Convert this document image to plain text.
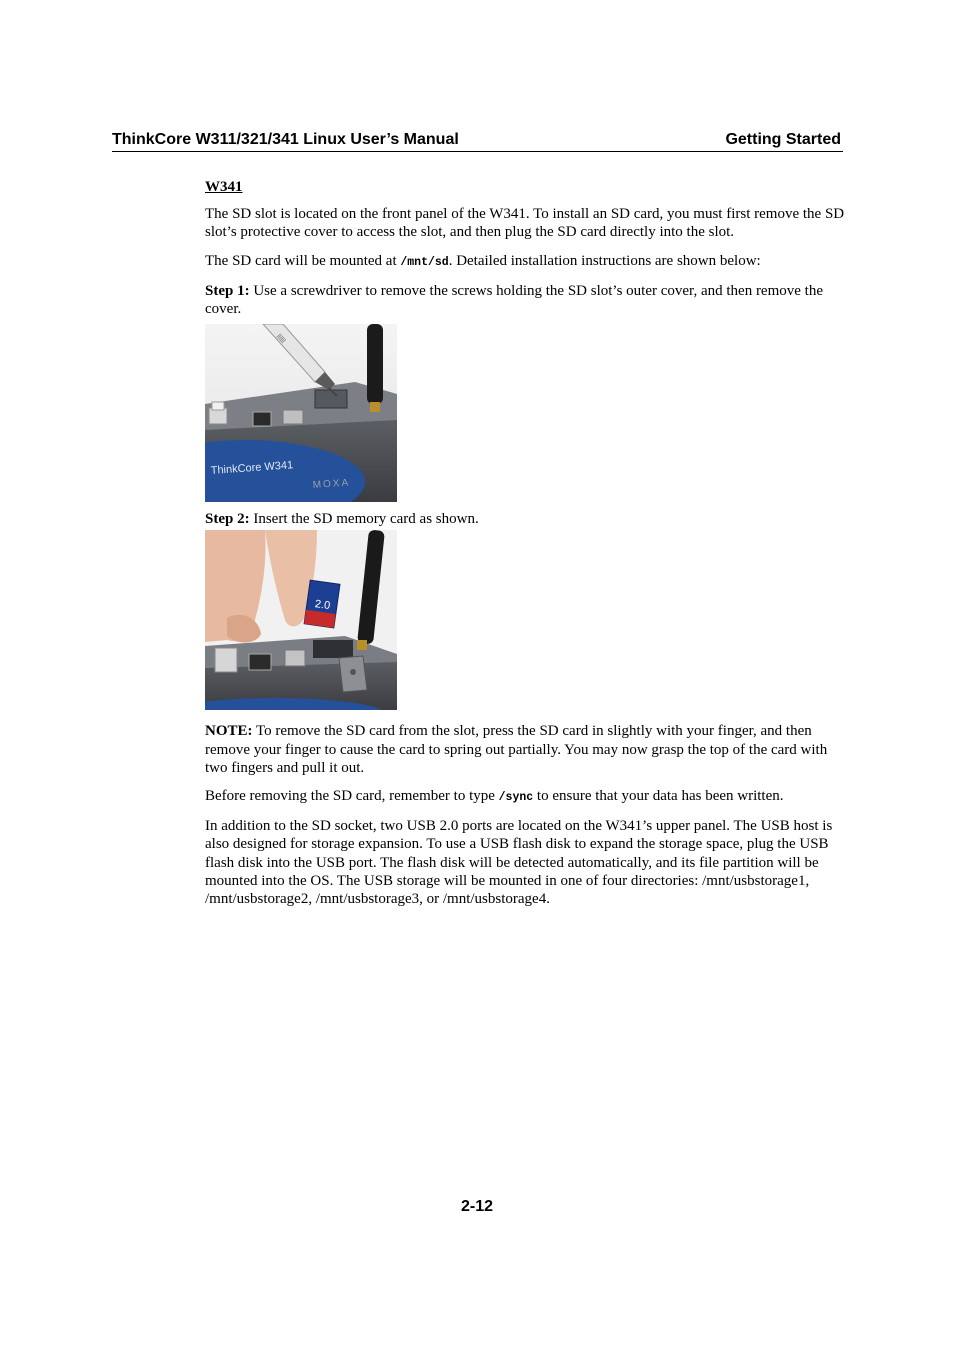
ThinkCore W311/321/341 Linux User’s Manual	Getting Started
W341

The SD slot is located on the front panel of the W341. To install an SD card, you must first remove the SD slot’s protective cover to access the slot, and then plug the SD card directly into the slot.

The SD card will be mounted at /mnt/sd. Detailed installation instructions are shown below:

Step 1: Use a screwdriver to remove the screws holding the SD slot’s outer cover, and then remove the cover.

ThinkCore W341
MOXA
||||||

Step 2: Insert the SD memory card as shown.

2.0

NOTE: To remove the SD card from the slot, press the SD card in slightly with your finger, and then remove your finger to cause the card to spring out partially. You may now grasp the top of the card with two fingers and pull it out.

Before removing the SD card, remember to type /sync to ensure that your data has been written.

In addition to the SD socket, two USB 2.0 ports are located on the W341’s upper panel. The USB host is also designed for storage expansion. To use a USB flash disk to expand the storage space, plug the USB flash disk into the USB port. The flash disk will be detected automatically, and its file partition will be mounted into the OS. The USB storage will be mounted in one of four directories: /mnt/usbstorage1, /mnt/usbstorage2, /mnt/usbstorage3, or /mnt/usbstorage4.

2-12
